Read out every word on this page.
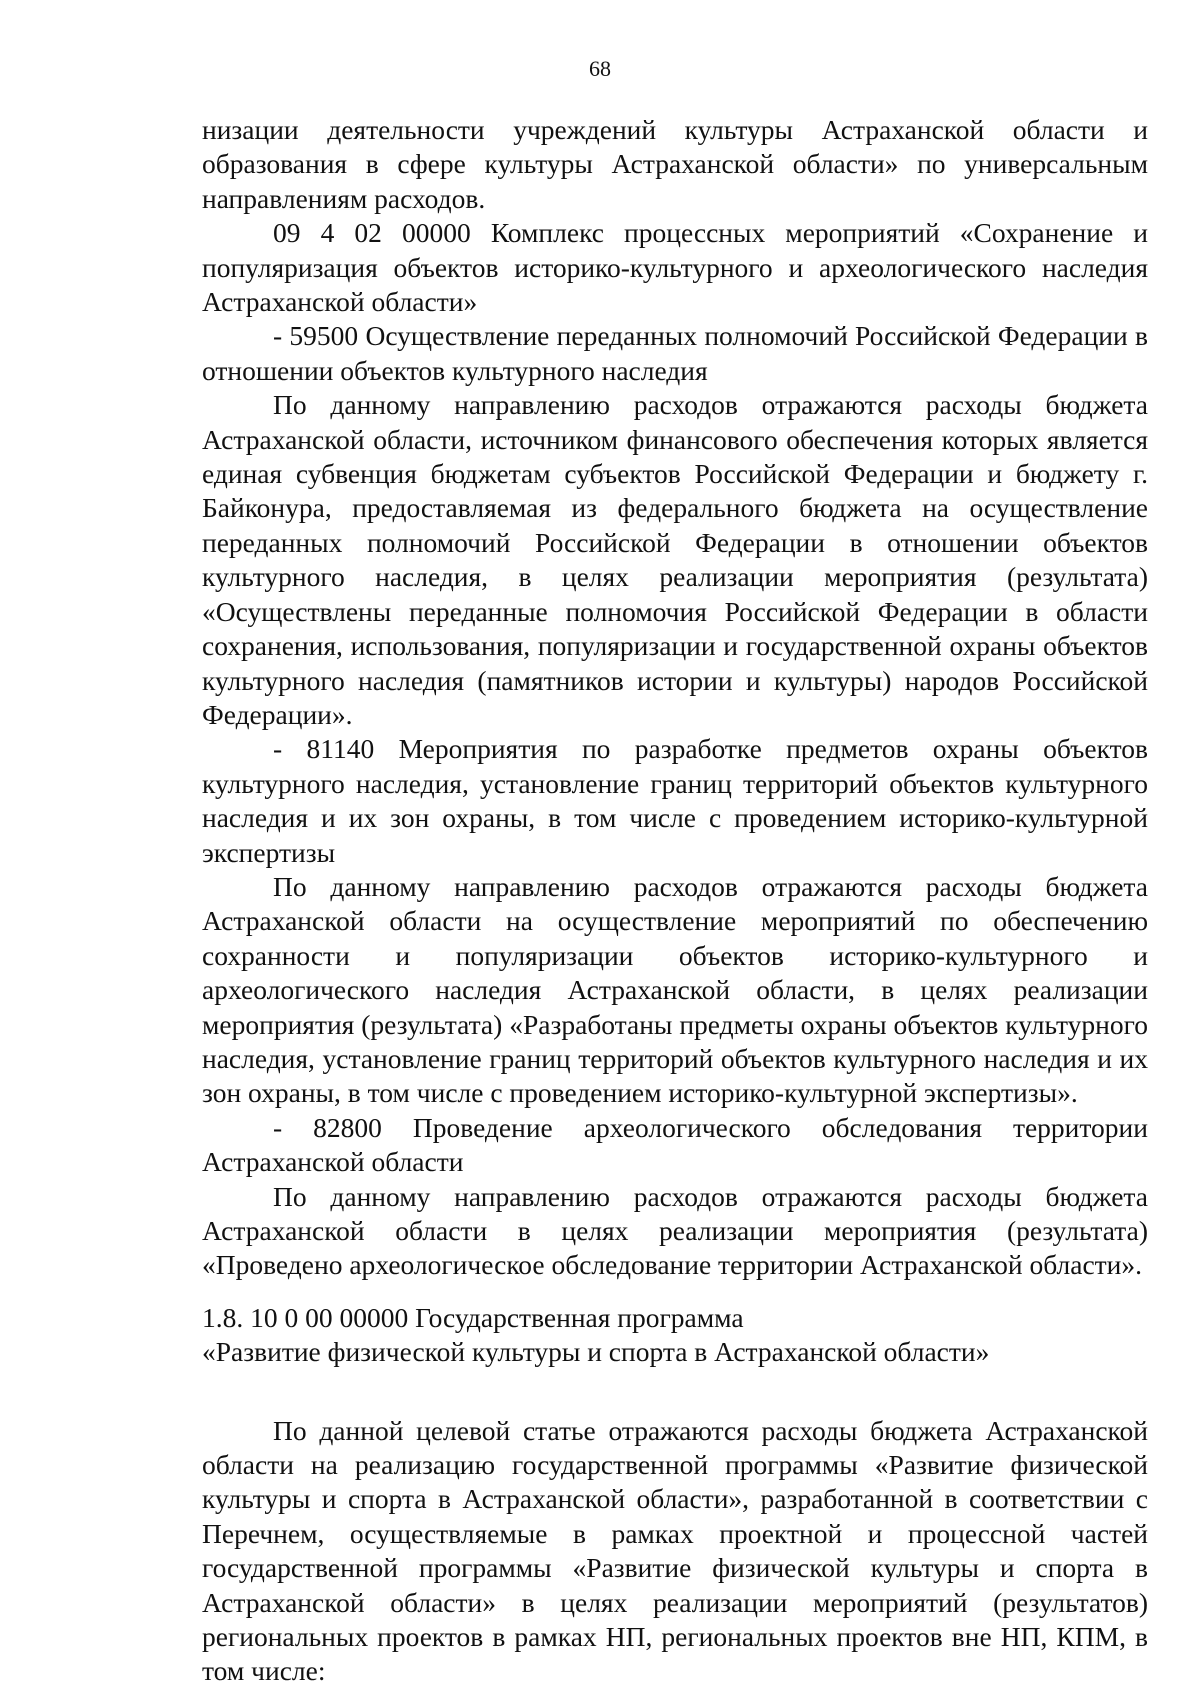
68

низации деятельности учреждений культуры Астраханской области и образования в сфере культуры Астраханской области» по универсальным направлениям расходов.

09 4 02 00000 Комплекс процессных мероприятий «Сохранение и популяризация объектов историко-культурного и археологического наследия Астраханской области»

- 59500 Осуществление переданных полномочий Российской Федерации в отношении объектов культурного наследия

По данному направлению расходов отражаются расходы бюджета Астраханской области, источником финансового обеспечения которых является единая субвенция бюджетам субъектов Российской Федерации и бюджету г. Байконура, предоставляемая из федерального бюджета на осуществление переданных полномочий Российской Федерации в отношении объектов культурного наследия, в целях реализации мероприятия (результата) «Осуществлены переданные полномочия Российской Федерации в области сохранения, использования, популяризации и государственной охраны объектов культурного наследия (памятников истории и культуры) народов Российской Федерации».

- 81140 Мероприятия по разработке предметов охраны объектов культурного наследия, установление границ территорий объектов культурного наследия и их зон охраны, в том числе с проведением историко-культурной экспертизы

По данному направлению расходов отражаются расходы бюджета Астраханской области на осуществление мероприятий по обеспечению сохранности и популяризации объектов историко-культурного и археологического наследия Астраханской области, в целях реализации мероприятия (результата) «Разработаны предметы охраны объектов культурного наследия, установление границ территорий объектов культурного наследия и их зон охраны, в том числе с проведением историко-культурной экспертизы».

- 82800 Проведение археологического обследования территории Астраханской области

По данному направлению расходов отражаются расходы бюджета Астраханской области в целях реализации мероприятия (результата) «Проведено археологическое обследование территории Астраханской области».

1.8. 10 0 00 00000 Государственная программа

«Развитие физической культуры и спорта в Астраханской области»

По данной целевой статье отражаются расходы бюджета Астраханской области на реализацию государственной программы «Развитие физической культуры и спорта в Астраханской области», разработанной в соответствии с Перечнем, осуществляемые в рамках проектной и процессной частей государственной программы «Развитие физической культуры и спорта в Астраханской области» в целях реализации мероприятий (результатов) региональных проектов в рамках НП, региональных проектов вне НП, КПМ, в том числе:
